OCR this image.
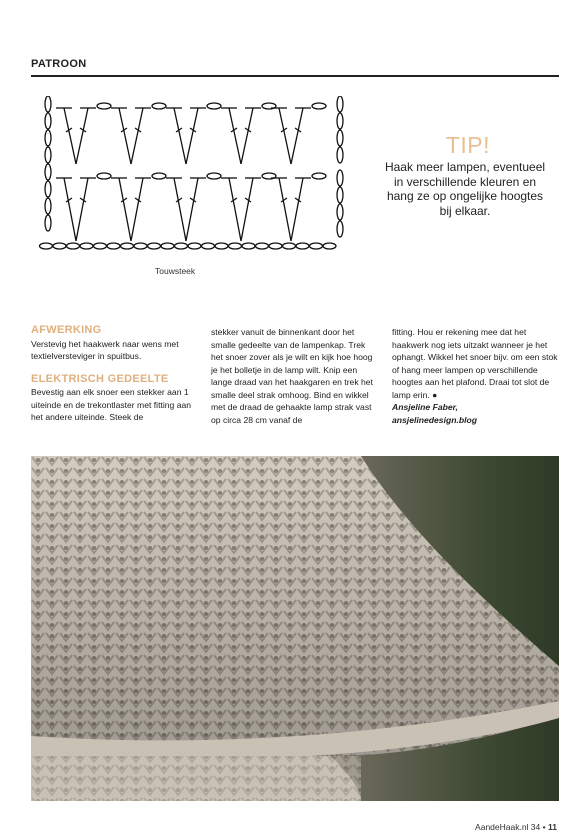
PATROON
Touwsteek
TIP!
Haak meer lampen, eventueel in verschillende kleuren en hang ze op ongelijke hoogtes bij elkaar.
AFWERKING

Verstevig het haakwerk naar wens met textielversteviger in spuitbus.

ELEKTRISCH GEDEELTE

Bevestig aan elk snoer een stekker aan 1 uiteinde en de trekontlaster met fitting aan het andere uiteinde. Steek de

stekker vanuit de binnenkant door het smalle gedeelte van de lampenkap. Trek het snoer zover als je wilt en kijk hoe hoog je het bolletje in de lamp wilt. Knip een lange draad van het haakgaren en trek het smalle deel strak omhoog. Bind en wikkel met de draad de gehaakte lamp strak vast op circa 28 cm vanaf de

fitting. Hou er rekening mee dat het haakwerk nog iets uitzakt wanneer je het ophangt. Wikkel het snoer bijv. om een stok of hang meer lampen op verschillende hoogtes aan het plafond. Draai tot slot de lamp erin. ●

Ansjeline Faber,

ansjelinedesign.blog

AandeHaak.nl 34 • 11
